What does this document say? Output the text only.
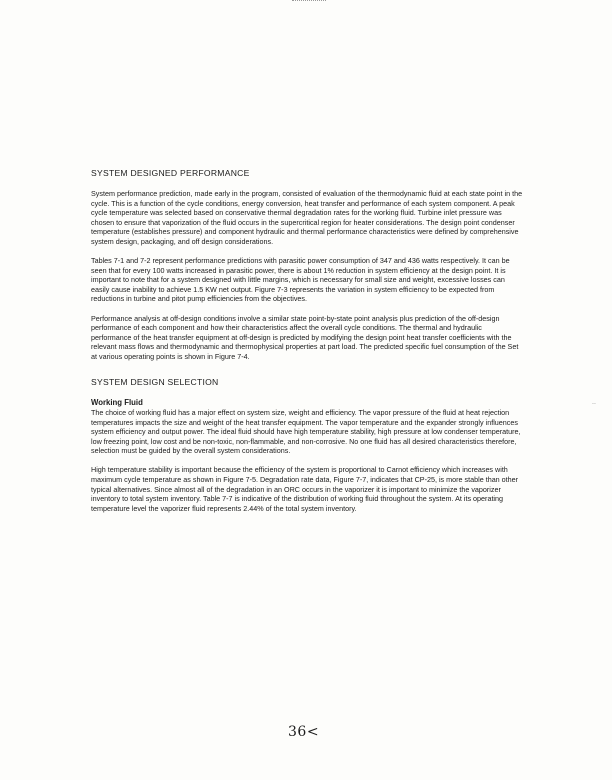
SYSTEM DESIGNED PERFORMANCE

System performance prediction, made early in the program, consisted of evaluation of the thermodynamic fluid at each state point in the cycle. This is a function of the cycle conditions, energy conversion, heat transfer and performance of each system component. A peak cycle temperature was selected based on conservative thermal degradation rates for the working fluid. Turbine inlet pressure was chosen to ensure that vaporization of the fluid occurs in the supercritical region for heater considerations. The design point condenser temperature (establishes pressure) and component hydraulic and thermal performance characteristics were defined by comprehensive system design, packaging, and off design considerations.

Tables 7-1 and 7-2 represent performance predictions with parasitic power consumption of 347 and 436 watts respectively. It can be seen that for every 100 watts increased in parasitic power, there is about 1% reduction in system efficiency at the design point. It is important to note that for a system designed with little margins, which is necessary for small size and weight, excessive losses can easily cause inability to achieve 1.5 KW net output. Figure 7-3 represents the variation in system efficiency to be expected from reductions in turbine and pitot pump efficiencies from the objectives.

Performance analysis at off-design conditions involve a similar state point-by-state point analysis plus prediction of the off-design performance of each component and how their characteristics affect the overall cycle conditions. The thermal and hydraulic performance of the heat transfer equipment at off-design is predicted by modifying the design point heat transfer coefficients with the relevant mass flows and thermodynamic and thermophysical properties at part load. The predicted specific fuel consumption of the Set at various operating points is shown in Figure 7-4.

SYSTEM DESIGN SELECTION
Working Fluid

The choice of working fluid has a major effect on system size, weight and efficiency. The vapor pressure of the fluid at heat rejection temperatures impacts the size and weight of the heat transfer equipment. The vapor temperature and the expander strongly influences system efficiency and output power. The ideal fluid should have high temperature stability, high pressure at low condenser temperature, low freezing point, low cost and be non-toxic, non-flammable, and non-corrosive. No one fluid has all desired characteristics therefore, selection must be guided by the overall system considerations.

High temperature stability is important because the efficiency of the system is proportional to Carnot efficiency which increases with maximum cycle temperature as shown in Figure 7-5. Degradation rate data, Figure 7-7, indicates that CP-25, is more stable than other typical alternatives. Since almost all of the degradation in an ORC occurs in the vaporizer it is important to minimize the vaporizer inventory to total system inventory. Table 7-7 is indicative of the distribution of working fluid throughout the system. At its operating temperature level the vaporizer fluid represents 2.44% of the total system inventory.

..
36<
